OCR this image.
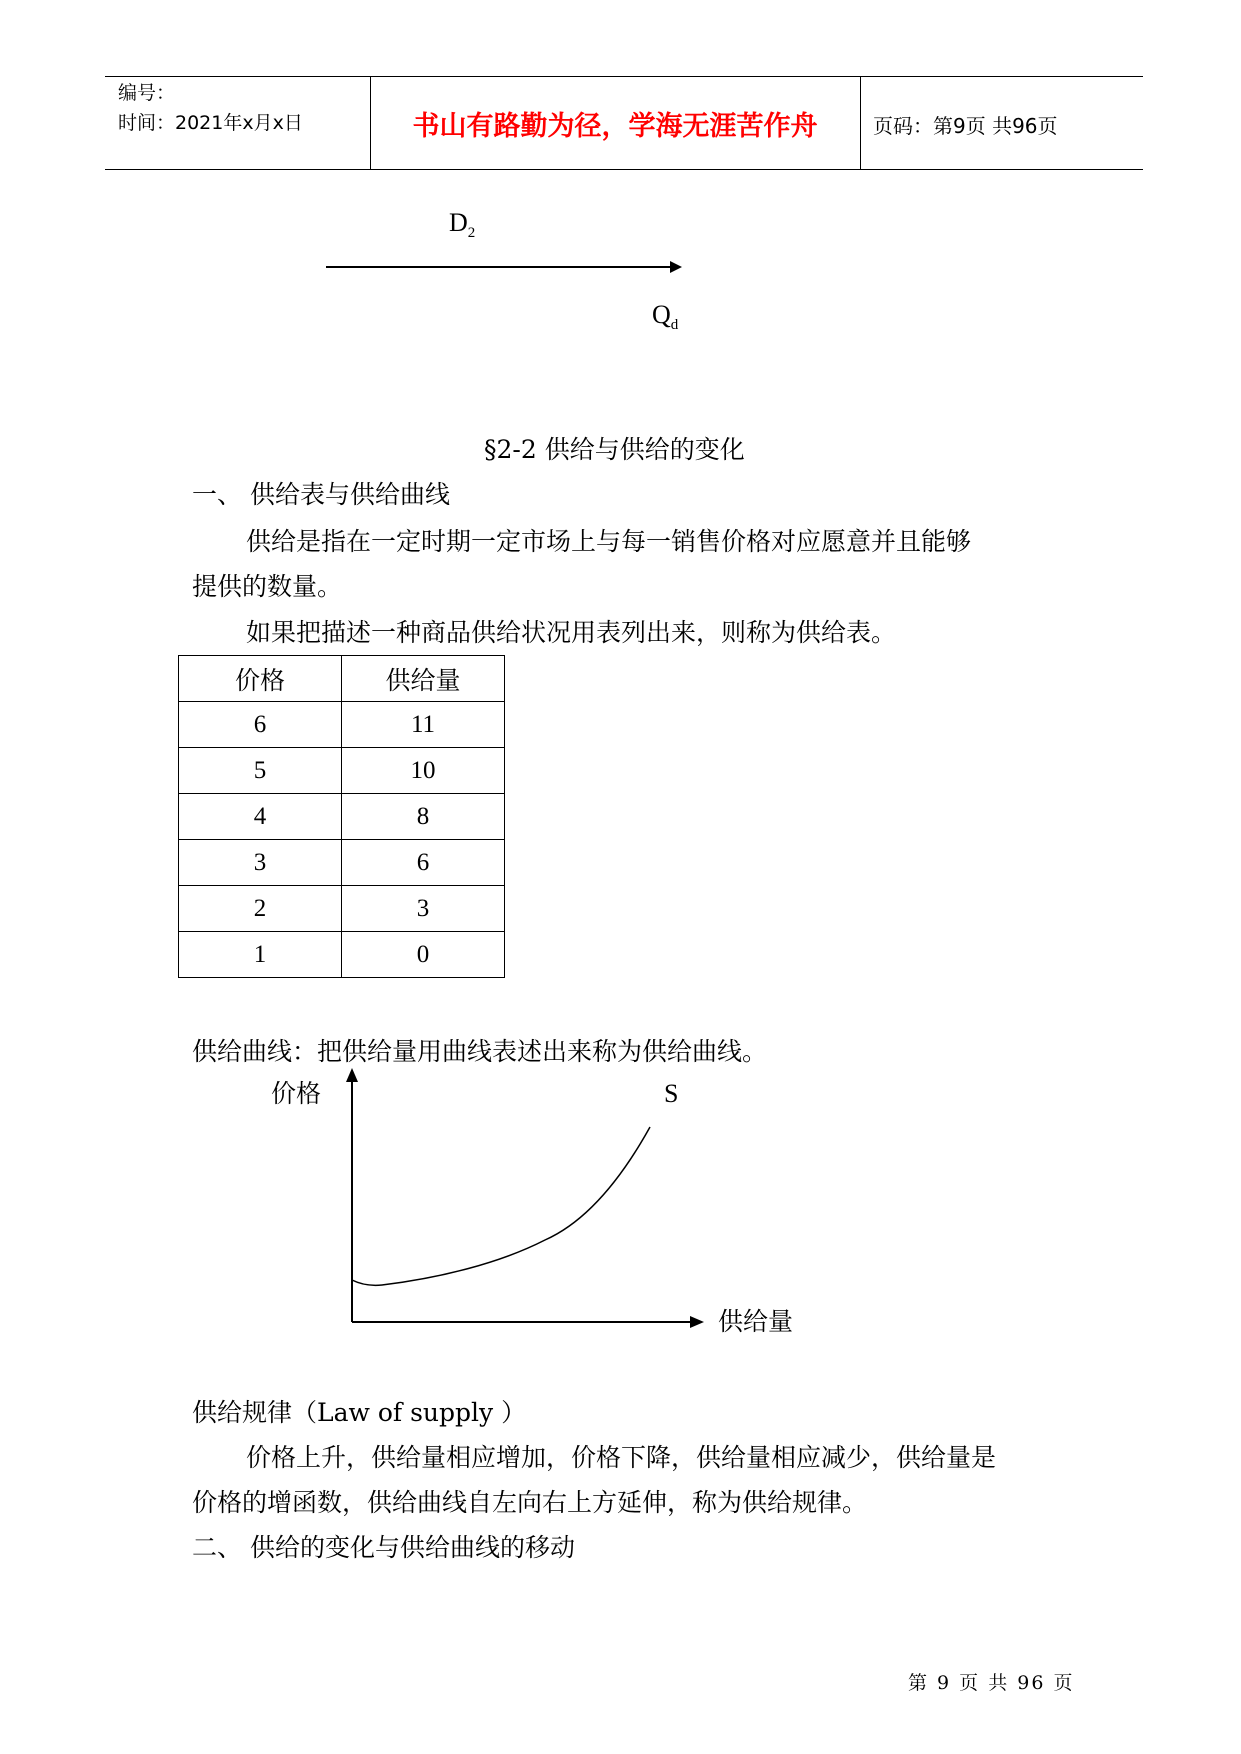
编号：
时间：2021年x月x日	书山有路勤为径，学海无涯苦作舟	页码：第9页 共96页
$D_2$
$Q_d$
§2-2 供给与供给的变化
一、 供给表与供给曲线
供给是指在一定时期一定市场上与每一销售价格对应愿意并且能够
提供的数量。
如果把描述一种商品供给状况用表列出来，则称为供给表。
价格	供给量
6	11
5	10
4	8
3	6
2	3
1	0
供给曲线：把供给量用曲线表述出来称为供给曲线。
价格	S
供给量
供给规律（Law of supply ）
价格上升，供给量相应增加，价格下降，供给量相应减少，供给量是
价格的增函数，供给曲线自左向右上方延伸，称为供给规律。
二、 供给的变化与供给曲线的移动
第 9 页 共 96 页
